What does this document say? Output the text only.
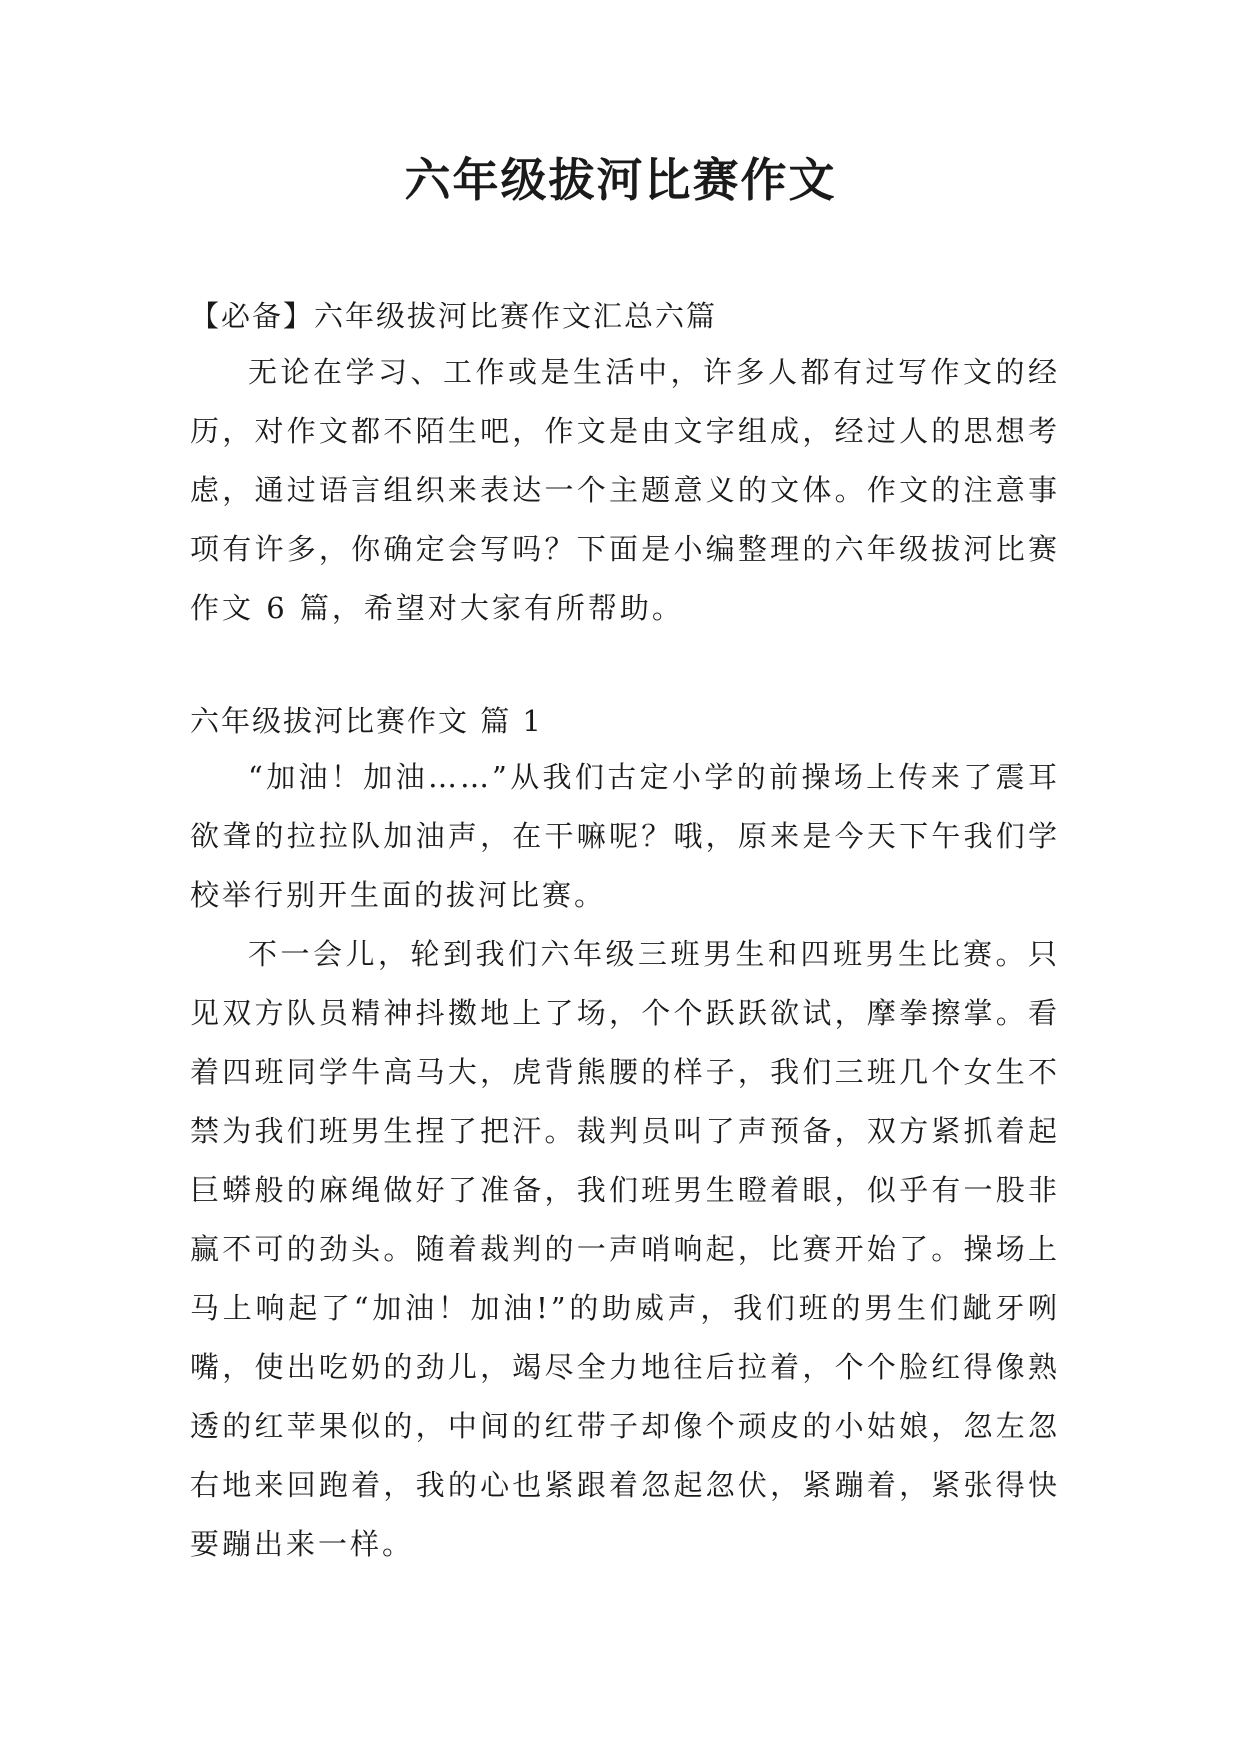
六年级拔河比赛作文
【必备】六年级拔河比赛作文汇总六篇

无论在学习、工作或是生活中，许多人都有过写作文的经历，对作文都不陌生吧，作文是由文字组成，经过人的思想考虑，通过语言组织来表达一个主题意义的文体。作文的注意事项有许多，你确定会写吗？下面是小编整理的六年级拔河比赛作文 6 篇，希望对大家有所帮助。

六年级拔河比赛作文 篇 1

“加油！加油……”从我们古定小学的前操场上传来了震耳欲聋的拉拉队加油声，在干嘛呢？哦，原来是今天下午我们学校举行别开生面的拔河比赛。

不一会儿，轮到我们六年级三班男生和四班男生比赛。只见双方队员精神抖擞地上了场，个个跃跃欲试，摩拳擦掌。看着四班同学牛高马大，虎背熊腰的样子，我们三班几个女生不禁为我们班男生捏了把汗。裁判员叫了声预备，双方紧抓着起巨蟒般的麻绳做好了准备，我们班男生瞪着眼，似乎有一股非赢不可的劲头。随着裁判的一声哨响起，比赛开始了。操场上马上响起了“加油！加油!”的助威声，我们班的男生们龇牙咧嘴，使出吃奶的劲儿，竭尽全力地往后拉着，个个脸红得像熟透的红苹果似的，中间的红带子却像个顽皮的小姑娘，忽左忽右地来回跑着，我的心也紧跟着忽起忽伏，紧蹦着，紧张得快要蹦出来一样。
